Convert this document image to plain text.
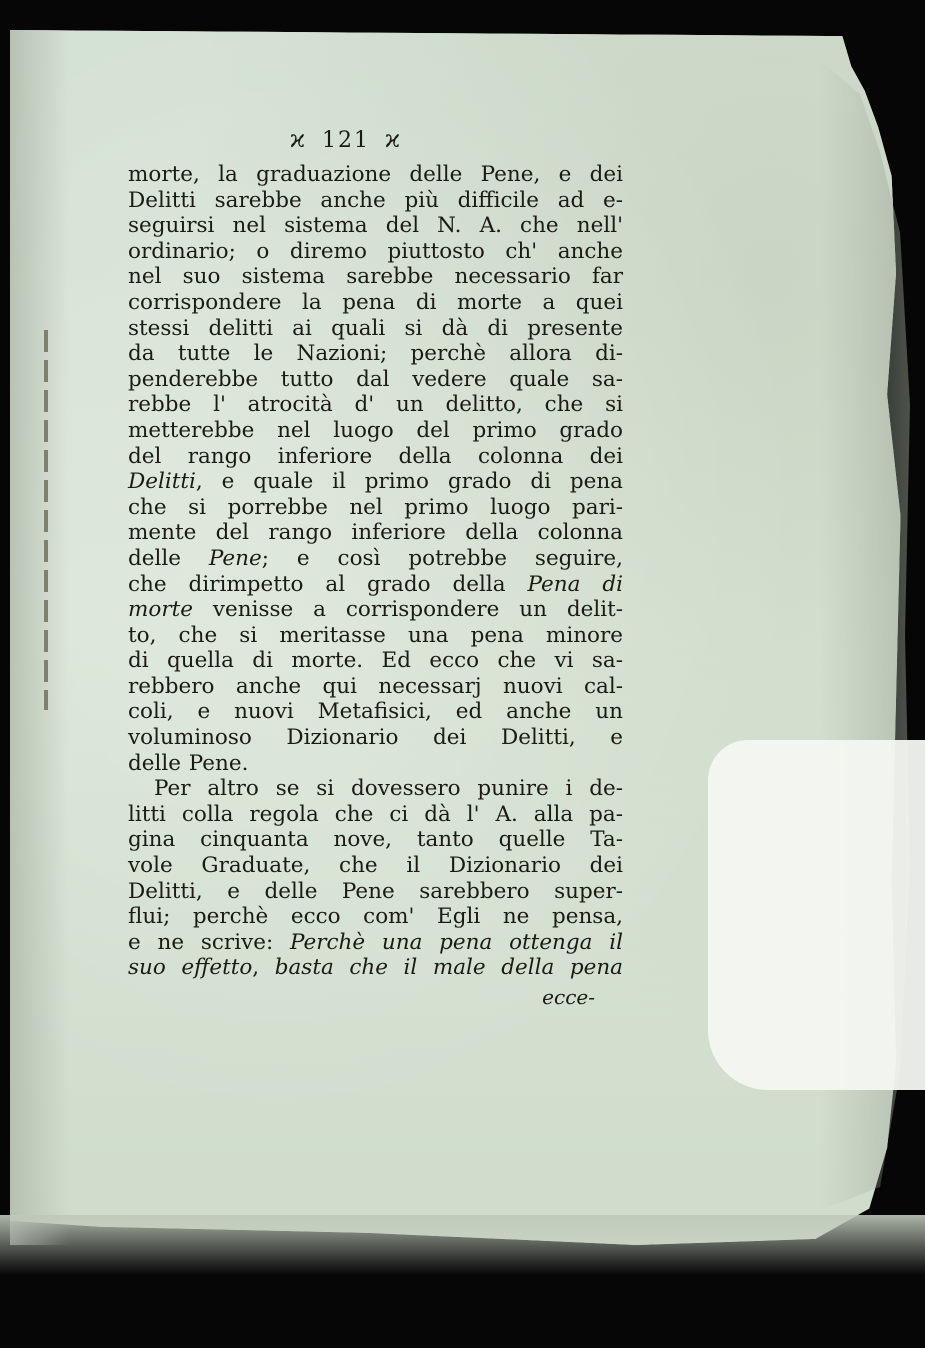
ϰ 121 ϰ
morte, la graduazione delle Pene, e dei
Delitti sarebbe anche più difficile ad e-
seguirsi nel sistema del N. A. che nell'
ordinario; o diremo piuttosto ch' anche
nel suo sistema sarebbe necessario far
corrispondere la pena di morte a quei
stessi delitti ai quali si dà di presente
da tutte le Nazioni; perchè allora di-
penderebbe tutto dal vedere quale sa-
rebbe l' atrocità d' un delitto, che si
metterebbe nel luogo del primo grado
del rango inferiore della colonna dei
Delitti, e quale il primo grado di pena
che si porrebbe nel primo luogo pari-
mente del rango inferiore della colonna
delle Pene; e così potrebbe seguire,
che dirimpetto al grado della Pena di
morte venisse a corrispondere un delit-
to, che si meritasse una pena minore
di quella di morte. Ed ecco che vi sa-
rebbero anche qui necessarj nuovi cal-
coli, e nuovi Metafisici, ed anche un
voluminoso Dizionario dei Delitti, e
delle Pene.
Per altro se si dovessero punire i de-
litti colla regola che ci dà l' A. alla pa-
gina cinquanta nove, tanto quelle Ta-
vole Graduate, che il Dizionario dei
Delitti, e delle Pene sarebbero super-
flui; perchè ecco com' Egli ne pensa,
e ne scrive: Perchè una pena ottenga il
suo effetto, basta che il male della pena
ecce-
